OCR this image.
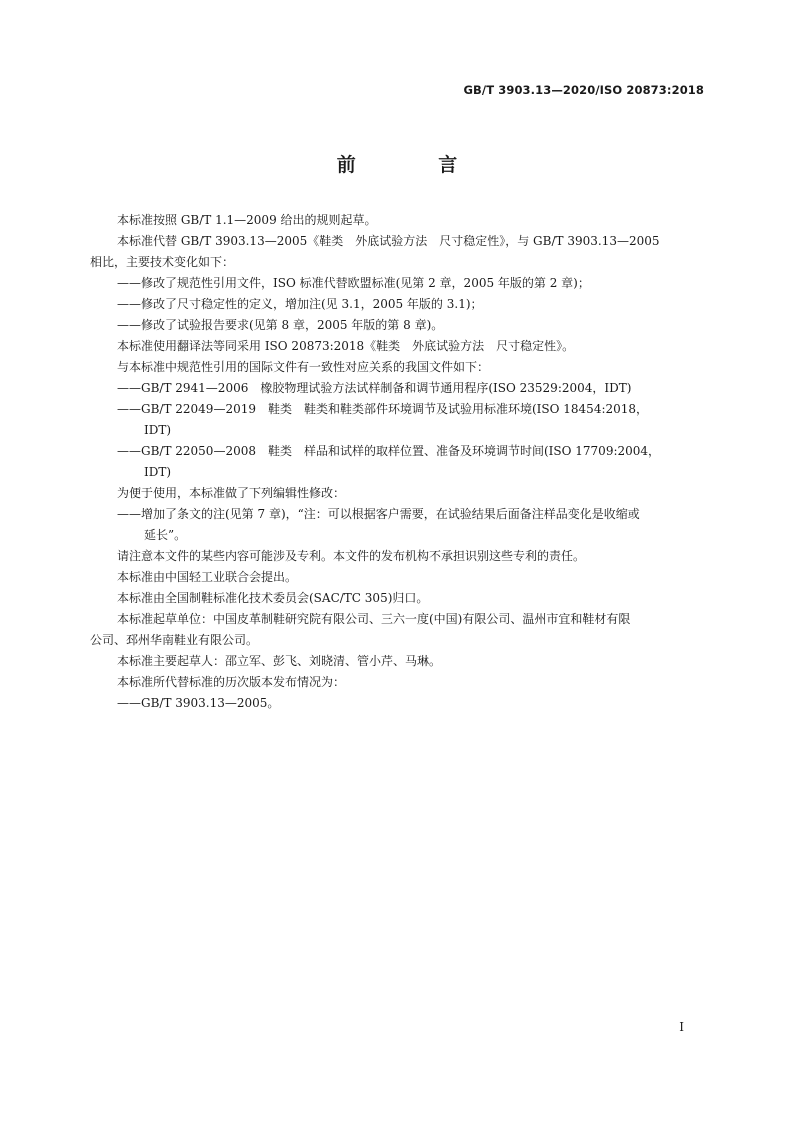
GB/T 3903.13—2020/ISO 20873:2018
前 言

本标准按照 GB/T 1.1—2009 给出的规则起草。

本标准代替 GB/T 3903.13—2005《鞋类　外底试验方法　尺寸稳定性》，与 GB/T 3903.13—2005

相比，主要技术变化如下：

——修改了规范性引用文件，ISO 标准代替欧盟标准(见第 2 章，2005 年版的第 2 章)；

——修改了尺寸稳定性的定义，增加注(见 3.1，2005 年版的 3.1)；

——修改了试验报告要求(见第 8 章，2005 年版的第 8 章)。

本标准使用翻译法等同采用 ISO 20873:2018《鞋类　外底试验方法　尺寸稳定性》。

与本标准中规范性引用的国际文件有一致性对应关系的我国文件如下：

——GB/T 2941—2006　橡胶物理试验方法试样制备和调节通用程序(ISO 23529:2004，IDT)

——GB/T 22049—2019　鞋类　鞋类和鞋类部件环境调节及试验用标准环境(ISO 18454:2018，

IDT)

——GB/T 22050—2008　鞋类　样品和试样的取样位置、准备及环境调节时间(ISO 17709:2004，

IDT)

为便于使用，本标准做了下列编辑性修改：

——增加了条文的注(见第 7 章)，“注：可以根据客户需要，在试验结果后面备注样品变化是收缩或

延长”。

请注意本文件的某些内容可能涉及专利。本文件的发布机构不承担识别这些专利的责任。

本标准由中国轻工业联合会提出。

本标准由全国制鞋标准化技术委员会(SAC/TC 305)归口。

本标准起草单位：中国皮革制鞋研究院有限公司、三六一度(中国)有限公司、温州市宜和鞋材有限

公司、邳州华南鞋业有限公司。

本标准主要起草人：邵立军、彭飞、刘晓清、管小芹、马琳。

本标准所代替标准的历次版本发布情况为：

——GB/T 3903.13—2005。

I
